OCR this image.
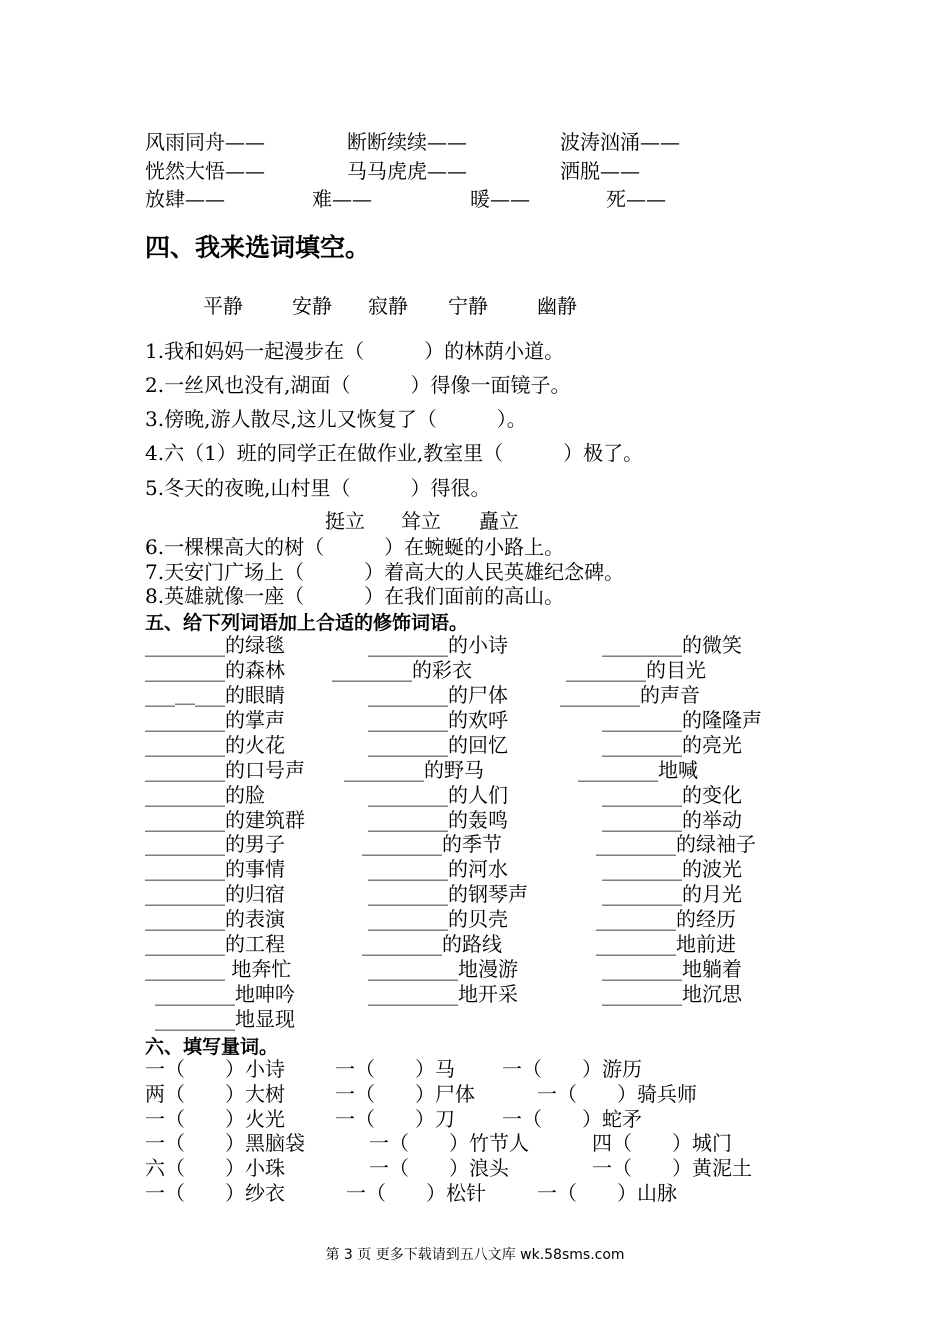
风雨同舟——	断断续续——	波涛汹涌——
恍然大悟——	马马虎虎——	洒脱——
放肆——	难——	暖——	死——
四、我来选词填空。
平静 安静 寂静 宁静 幽静
1.我和妈妈一起漫步在（　　　）的林荫小道。
2.一丝风也没有,湖面（　　　）得像一面镜子。
3.傍晚,游人散尽,这儿又恢复了（　　　）。
4.六（1）班的同学正在做作业,教室里（　　　）极了。
5.冬天的夜晚,山村里（　　　）得很。
挺立 耸立 矗立
6.一棵棵高大的树（　　　）在蜿蜒的小路上。
7.天安门广场上（　　　）着高大的人民英雄纪念碑。
8.英雄就像一座（　　　）在我们面前的高山。
五、给下列词语加上合适的修饰词语。
________的绿毯	________的小诗	________的微笑
________的森林 ________的彩衣	________的目光
___＿___的眼睛	________的尸体	________的声音
________的掌声	________的欢呼	________的隆隆声
________的火花	________的回忆	________的亮光
________的口号声 ________的野马	________地喊
________的脸	________的人们	________的变化
________的建筑群	________的轰鸣	________的举动
________的男子	________的季节	________的绿袖子
________的事情	________的河水	________的波光
________的归宿	________的钢琴声	________的月光
________的表演	________的贝壳	________的经历
________的工程	________的路线	________地前进
________ 地奔忙	_________地漫游	________地躺着
________地呻吟	_________地开采	________地沉思
________地显现
六、填写量词。
一（　　）小诗	一（　　）马 一（　　）游历
两（　　）大树	一（　　）尸体	一（　　）骑兵师
一（　　）火光	一（　　）刀 一（　　）蛇矛
一（　　）黑脑袋	一（　　）竹节人	四（　　）城门
六（　　）小珠	一（　　）浪头	一（　　）黄泥土
一（　　）纱衣	一（　　）松针	一（　　）山脉
第 3 页 更多下载请到五八文库 wk.58sms.com
